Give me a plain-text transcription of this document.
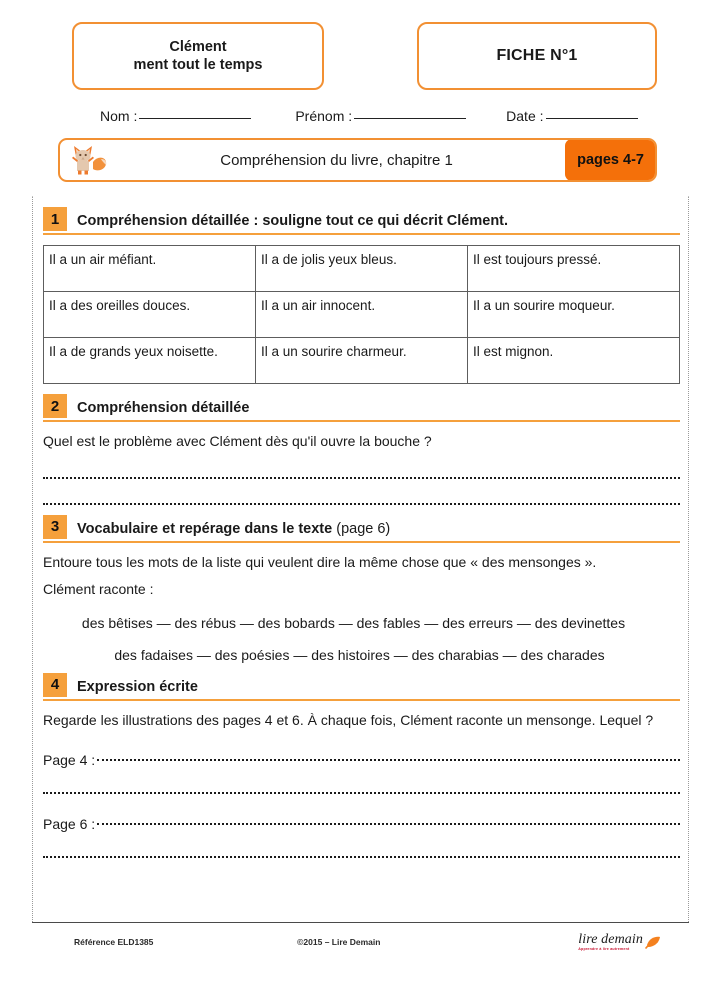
Clément
ment tout le temps
FICHE N°1
Nom :	Prénom :	Date :
Compréhension du livre, chapitre 1	pages 4-7
1	Compréhension détaillée : souligne tout ce qui décrit Clément.
Il a un air méfiant.	Il a de jolis yeux bleus.	Il est toujours pressé.
Il a des oreilles douces.	Il a un air innocent.	Il a un sourire moqueur.
Il a de grands yeux noisette.	Il a un sourire charmeur.	Il est mignon.
2	Compréhension détaillée
Quel est le problème avec Clément dès qu'il ouvre la bouche ?
3	Vocabulaire et repérage dans le texte (page 6)
Entoure tous les mots de la liste qui veulent dire la même chose que « des mensonges ».
Clément raconte :
des bêtises — des rébus — des bobards — des fables — des erreurs — des devinettes
des fadaises — des poésies — des histoires — des charabias — des charades
4	Expression écrite
Regarde les illustrations des pages 4 et 6. À chaque fois, Clément raconte un mensonge. Lequel ?
Page 4 :
Page 6 :
Référence ELD1385	©2015 – Lire Demain	lire demain
Apprendre à lire autrement
